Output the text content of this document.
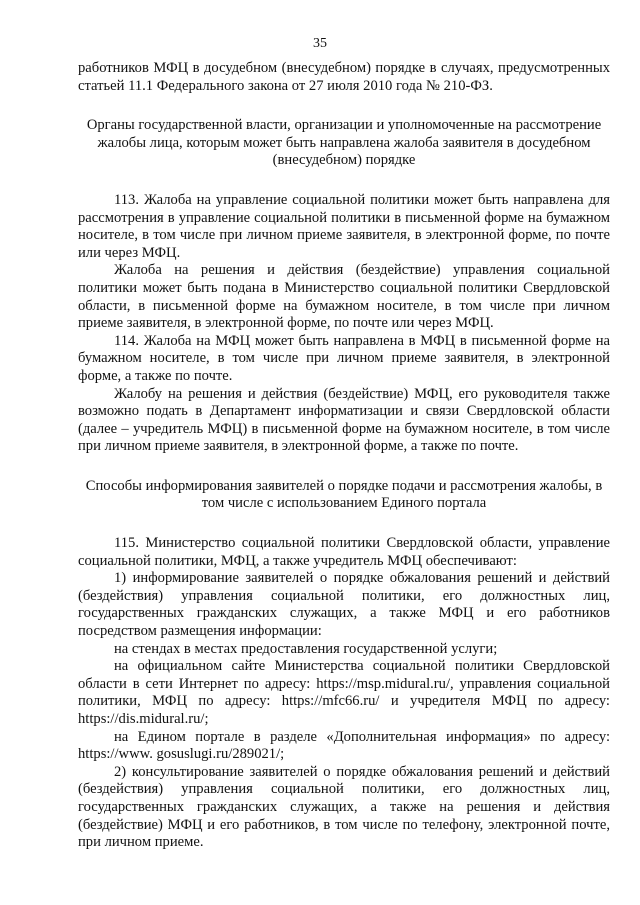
35

работников МФЦ в досудебном (внесудебном) порядке в случаях, предусмотренных статьей 11.1 Федерального закона от 27 июля 2010 года № 210-ФЗ.

Органы государственной власти, организации и уполномоченные на рассмотрение жалобы лица, которым может быть направлена жалоба заявителя в досудебном (внесудебном) порядке

113. Жалоба на управление социальной политики может быть направлена для рассмотрения в управление социальной политики в письменной форме на бумажном носителе, в том числе при личном приеме заявителя, в электронной форме, по почте или через МФЦ.

Жалоба на решения и действия (бездействие) управления социальной политики может быть подана в Министерство социальной политики Свердловской области, в письменной форме на бумажном носителе, в том числе при личном приеме заявителя, в электронной форме, по почте или через МФЦ.

114. Жалоба на МФЦ может быть направлена в МФЦ в письменной форме на бумажном носителе, в том числе при личном приеме заявителя, в электронной форме, а также по почте.

Жалобу на решения и действия (бездействие) МФЦ, его руководителя также возможно подать в Департамент информатизации и связи Свердловской области (далее – учредитель МФЦ) в письменной форме на бумажном носителе, в том числе при личном приеме заявителя, в электронной форме, а также по почте.

Способы информирования заявителей о порядке подачи и рассмотрения жалобы, в том числе с использованием Единого портала

115. Министерство социальной политики Свердловской области, управление социальной политики, МФЦ, а также учредитель МФЦ обеспечивают:

1) информирование заявителей о порядке обжалования решений и действий (бездействия) управления социальной политики, его должностных лиц, государственных гражданских служащих, а также МФЦ и его работников посредством размещения информации:

на стендах в местах предоставления государственной услуги;

на официальном сайте Министерства социальной политики Свердловской области в сети Интернет по адресу: https://msp.midural.ru/, управления социальной политики, МФЦ по адресу: https://mfc66.ru/ и учредителя МФЦ по адресу: https://dis.midural.ru/;

на Едином портале в разделе «Дополнительная информация» по адресу: https://www. gosuslugi.ru/289021/;

2) консультирование заявителей о порядке обжалования решений и действий (бездействия) управления социальной политики, его должностных лиц, государственных гражданских служащих, а также на решения и действия (бездействие) МФЦ и его работников, в том числе по телефону, электронной почте, при личном приеме.
